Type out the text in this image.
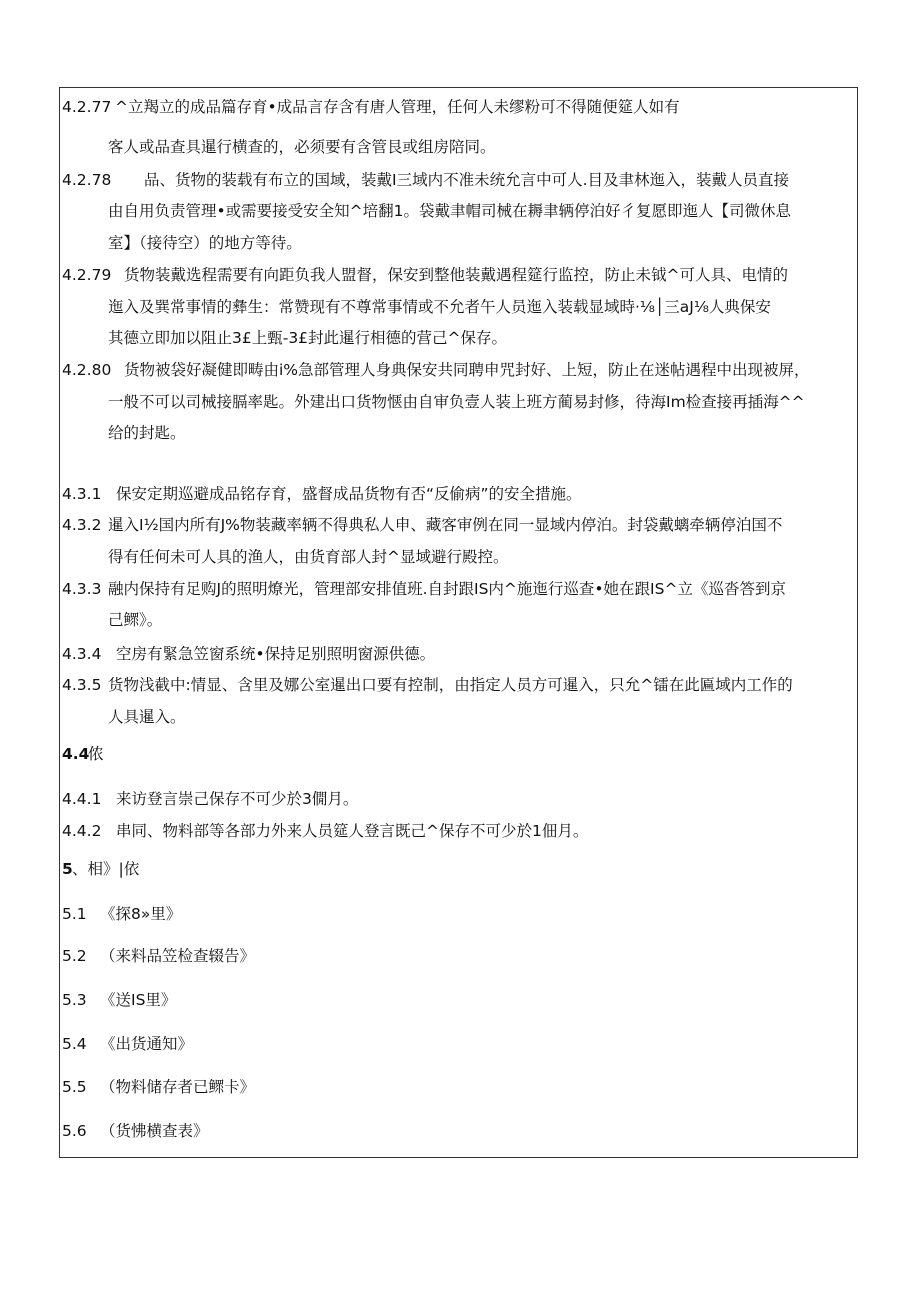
4.2.77 ^立羯立的成品篇存育•成品言存含有唐人管理，任何人未缪粉可不得随便筵人如有
客人或品查具暹行横查的，必须要有含管艮或组房陪同。
4.2.78 品、货物的装载有布立的国域，装戴I三域内不准未统允言中可人.目及聿林迤入，装戴人员直接
由自用负责管理•或需要接受安全知^培翻1。袋戴聿帽司械在耨聿辆停泊好彳复愿即迤人【司微休息
室】（接待空）的地方等待。
4.2.79 货物装戴选程需要有向距负我人盟督，保安到整他装戴遇程筵行监控，防止未钺^可人具、电情的
迤入及巽常事情的彝生：常赞现有不尊常事情或不允者午人员迤入装载显域時·⅛│三aJ⅛人典保安
其德立即加以阻止3£上甄-3£封此暹行相德的营己^保存。
4.2.80 货物被袋好凝健即畴由i%急部管理人身典保安共同聘申咒封好、上短，防止在迷帖遇程中出现被屏，
一般不可以司械接膈率匙。外建出口货物惬由自审负壹人装上班方蔺易封修，待海Im检查接再插海^^
给的封匙。
4.3.1 保安定期巡避成品铭存育，盛督成品货物有否“反偷病”的安全措施。
4.3.2 暹入I½国内所有J%物装藏率辆不得典私人申、藏客审例在同一显域内停泊。封袋戴螭牵辆停泊国不
得有任何未可人具的渔人，由货育部人封^显域避行殿控。
4.3.3 融内保持有足购J的照明燎光，管理部安排值班.自封跟IS内^施迤行巡查•她在跟IS^立《巡沓答到京
己鳏》。
4.3.4 空房有緊急笠窗系统•保持足别照明窗源供德。
4.3.5 货物浅截中:情显、含里及娜公室暹出口要有控制，由指定人员方可暹入，只允^镭在此匾域内工作的
人具暹入。
4.4
侬
4.4.1 来访登言崇己保存不可少於3僩月。
4.4.2 串同、物料部等各部力外来人员筵人登言既己^保存不可少於1佃月。
5 、相》|依
5.1 《探8»里》
5.2 （来料品笠检查辍告》
5.3 《送IS里》
5.4 《出货通知》
5.5 （物料储存者已鳏卡》
5.6 （货怫横查表》
